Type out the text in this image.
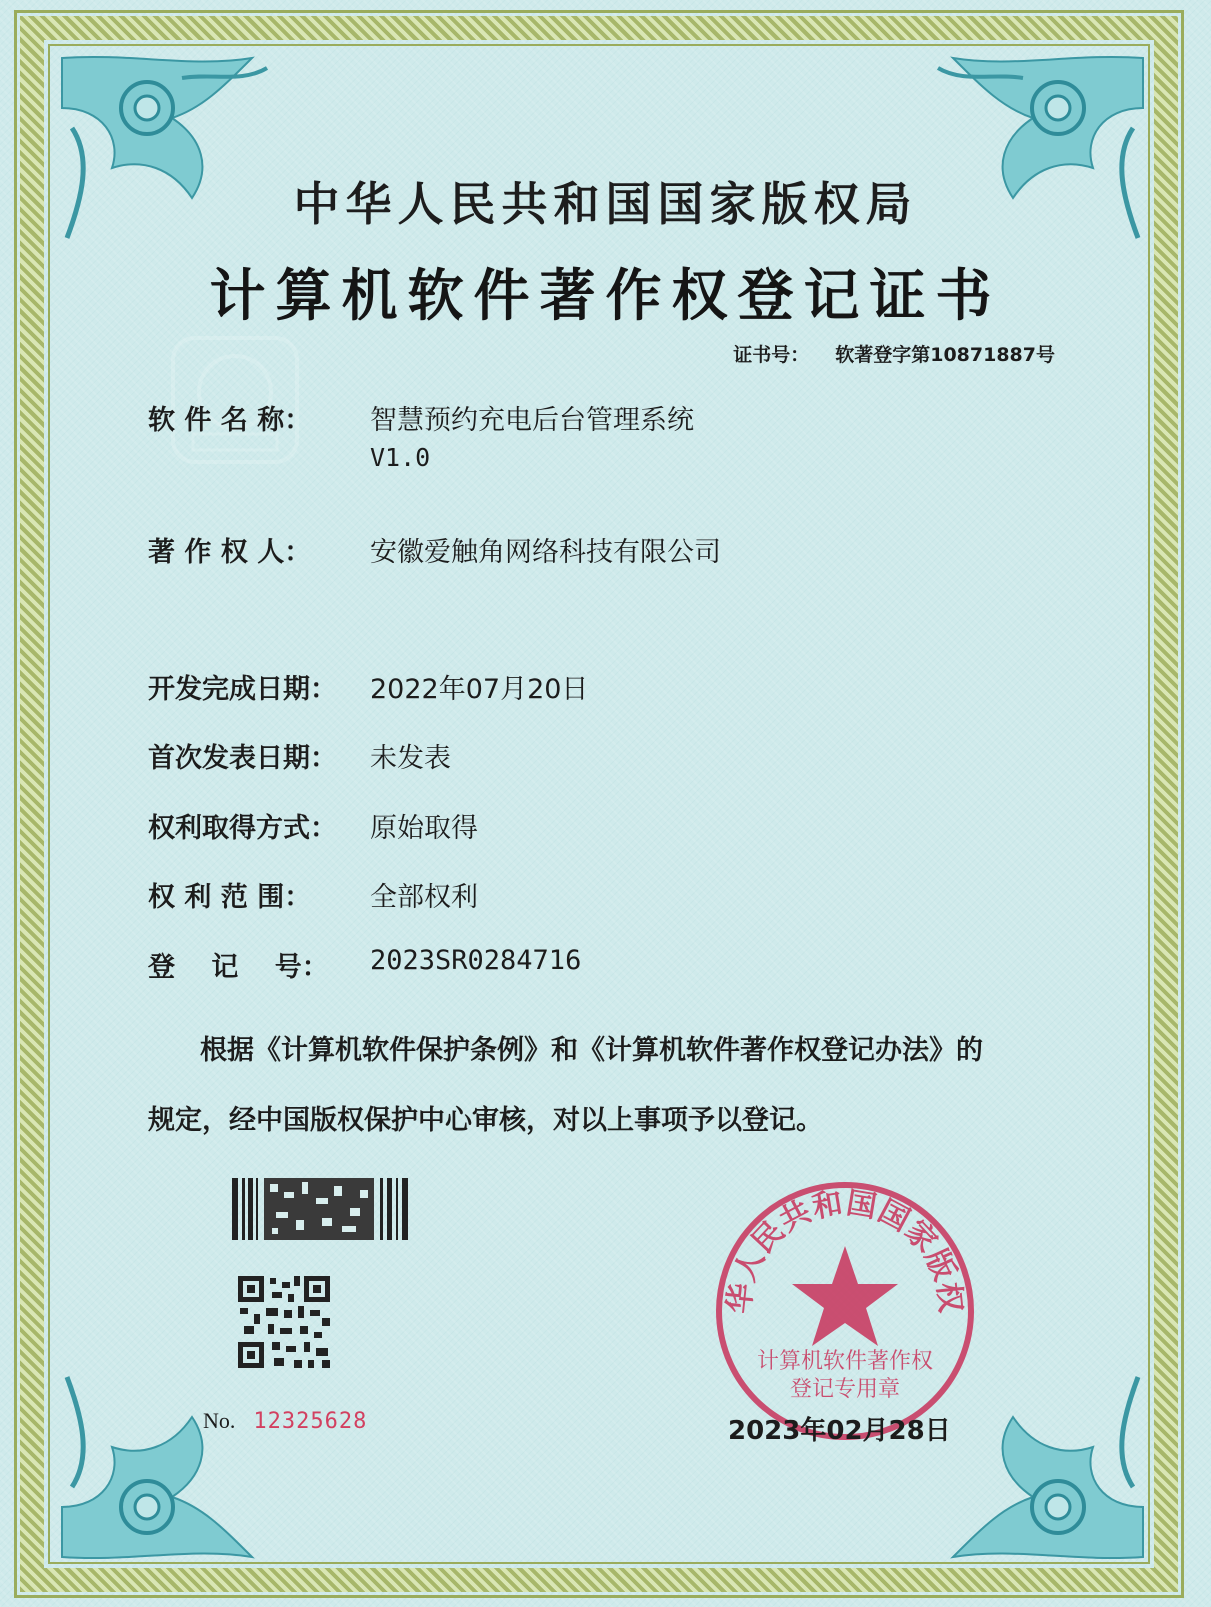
中华人民共和国国家版权局
计算机软件著作权登记证书
证书号： 软著登字第10871887号
软 件 名 称： 智慧预约充电后台管理系统
V1.0
著 作 权 人： 安徽爱触角网络科技有限公司
开发完成日期： 2022年07月20日
首次发表日期： 未发表
权利取得方式： 原始取得
权 利 范 围： 全部权利
登　 记　 号： 2023SR0284716
根据《计算机软件保护条例》和《计算机软件著作权登记办法》的
规定，经中国版权保护中心审核，对以上事项予以登记。
No. 12325628
华人民共和国国家版权
计算机软件著作权
登记专用章
2023年02月28日
